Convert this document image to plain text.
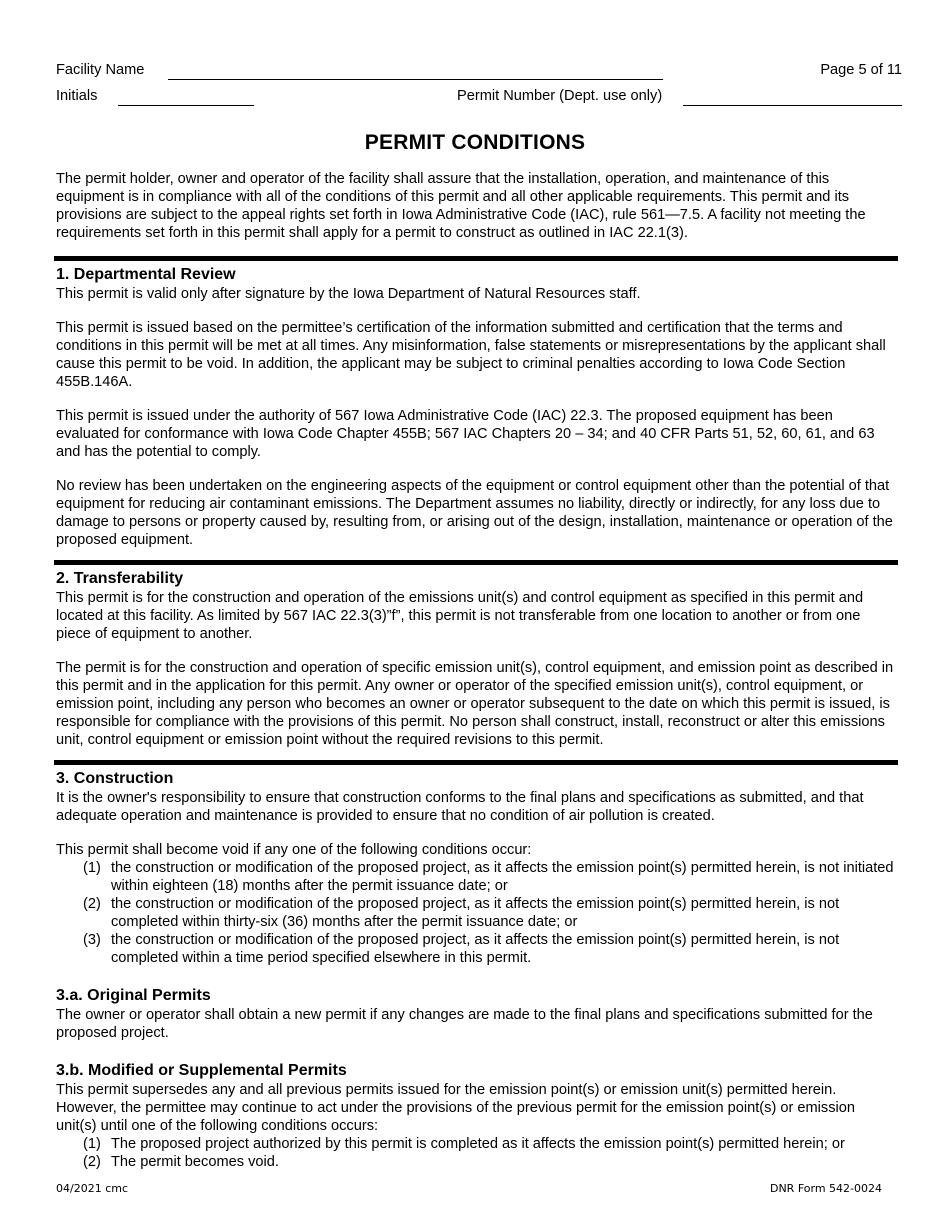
Facility Name	Page 5 of 11
Initials	Permit Number (Dept. use only)
PERMIT CONDITIONS

The permit holder, owner and operator of the facility shall assure that the installation, operation, and maintenance of this equipment is in compliance with all of the conditions of this permit and all other applicable requirements. This permit and its provisions are subject to the appeal rights set forth in Iowa Administrative Code (IAC), rule 561—7.5. A facility not meeting the requirements set forth in this permit shall apply for a permit to construct as outlined in IAC 22.1(3).

1. Departmental Review

This permit is valid only after signature by the Iowa Department of Natural Resources staff.

This permit is issued based on the permittee’s certification of the information submitted and certification that the terms and conditions in this permit will be met at all times. Any misinformation, false statements or misrepresentations by the applicant shall cause this permit to be void. In addition, the applicant may be subject to criminal penalties according to Iowa Code Section 455B.146A.

This permit is issued under the authority of 567 Iowa Administrative Code (IAC) 22.3. The proposed equipment has been evaluated for conformance with Iowa Code Chapter 455B; 567 IAC Chapters 20 – 34; and 40 CFR Parts 51, 52, 60, 61, and 63 and has the potential to comply.

No review has been undertaken on the engineering aspects of the equipment or control equipment other than the potential of that equipment for reducing air contaminant emissions. The Department assumes no liability, directly or indirectly, for any loss due to damage to persons or property caused by, resulting from, or arising out of the design, installation, maintenance or operation of the proposed equipment.

2. Transferability

This permit is for the construction and operation of the emissions unit(s) and control equipment as specified in this permit and located at this facility. As limited by 567 IAC 22.3(3)”f”, this permit is not transferable from one location to another or from one piece of equipment to another.

The permit is for the construction and operation of specific emission unit(s), control equipment, and emission point as described in this permit and in the application for this permit. Any owner or operator of the specified emission unit(s), control equipment, or emission point, including any person who becomes an owner or operator subsequent to the date on which this permit is issued, is responsible for compliance with the provisions of this permit. No person shall construct, install, reconstruct or alter this emissions unit, control equipment or emission point without the required revisions to this permit.

3. Construction

It is the owner's responsibility to ensure that construction conforms to the final plans and specifications as submitted, and that adequate operation and maintenance is provided to ensure that no condition of air pollution is created.

This permit shall become void if any one of the following conditions occur:

(1) the construction or modification of the proposed project, as it affects the emission point(s) permitted herein, is not initiated within eighteen (18) months after the permit issuance date; or
(2) the construction or modification of the proposed project, as it affects the emission point(s) permitted herein, is not completed within thirty-six (36) months after the permit issuance date; or
(3) the construction or modification of the proposed project, as it affects the emission point(s) permitted herein, is not completed within a time period specified elsewhere in this permit.
3.a. Original Permits

The owner or operator shall obtain a new permit if any changes are made to the final plans and specifications submitted for the proposed project.

3.b. Modified or Supplemental Permits

This permit supersedes any and all previous permits issued for the emission point(s) or emission unit(s) permitted herein. However, the permittee may continue to act under the provisions of the previous permit for the emission point(s) or emission unit(s) until one of the following conditions occurs:

(1) The proposed project authorized by this permit is completed as it affects the emission point(s) permitted herein; or
(2) The permit becomes void.
04/2021 cmc	DNR Form 542-0024
